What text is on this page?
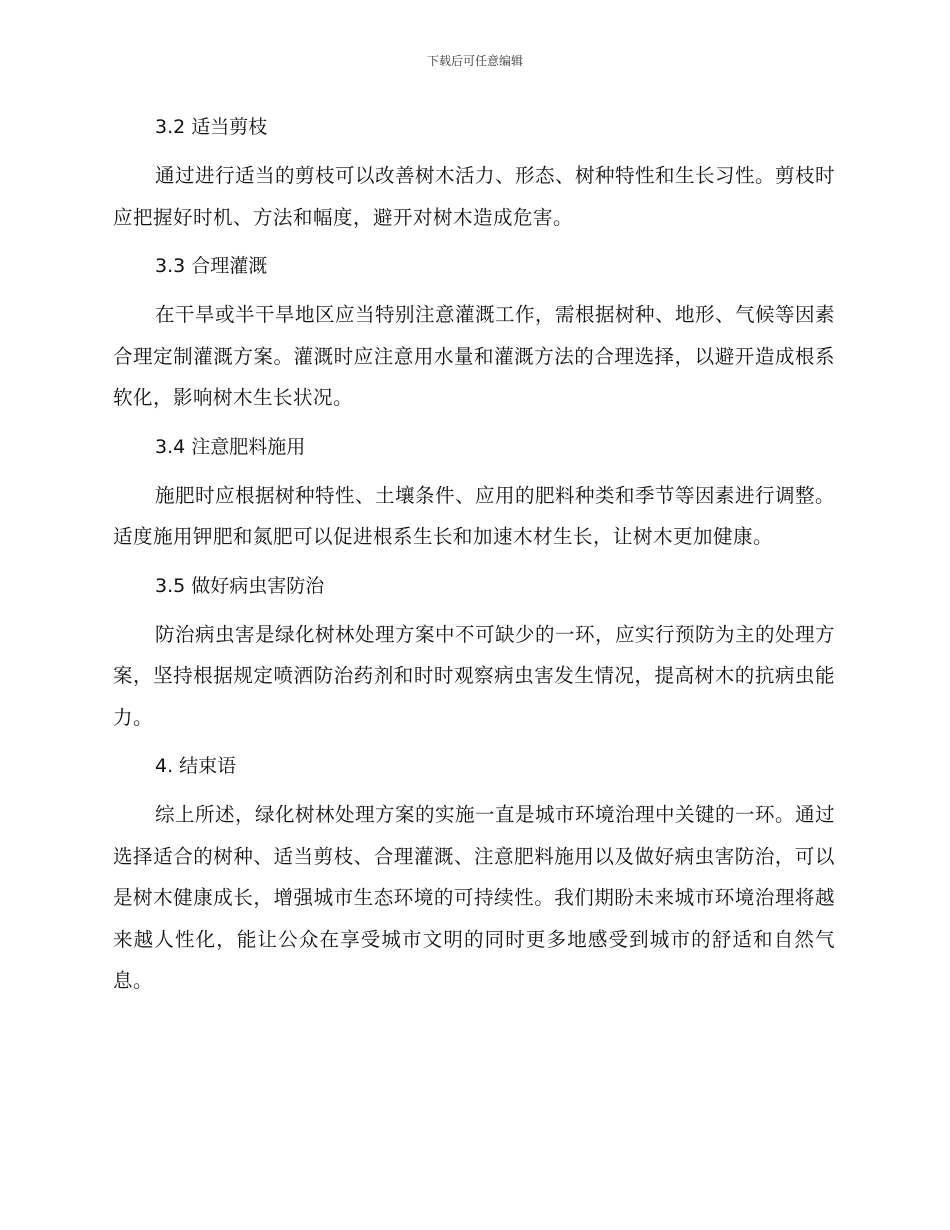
下载后可任意编辑
3.2 适当剪枝

通过进行适当的剪枝可以改善树木活力、形态、树种特性和生长习性。剪枝时应把握好时机、方法和幅度，避开对树木造成危害。

3.3 合理灌溉

在干旱或半干旱地区应当特别注意灌溉工作，需根据树种、地形、气候等因素合理定制灌溉方案。灌溉时应注意用水量和灌溉方法的合理选择，以避开造成根系软化，影响树木生长状况。

3.4 注意肥料施用

施肥时应根据树种特性、土壤条件、应用的肥料种类和季节等因素进行调整。适度施用钾肥和氮肥可以促进根系生长和加速木材生长，让树木更加健康。

3.5 做好病虫害防治

防治病虫害是绿化树林处理方案中不可缺少的一环，应实行预防为主的处理方案，坚持根据规定喷洒防治药剂和时时观察病虫害发生情况，提高树木的抗病虫能力。

4. 结束语

综上所述，绿化树林处理方案的实施一直是城市环境治理中关键的一环。通过选择适合的树种、适当剪枝、合理灌溉、注意肥料施用以及做好病虫害防治，可以是树木健康成长，增强城市生态环境的可持续性。我们期盼未来城市环境治理将越来越人性化，能让公众在享受城市文明的同时更多地感受到城市的舒适和自然气息。
